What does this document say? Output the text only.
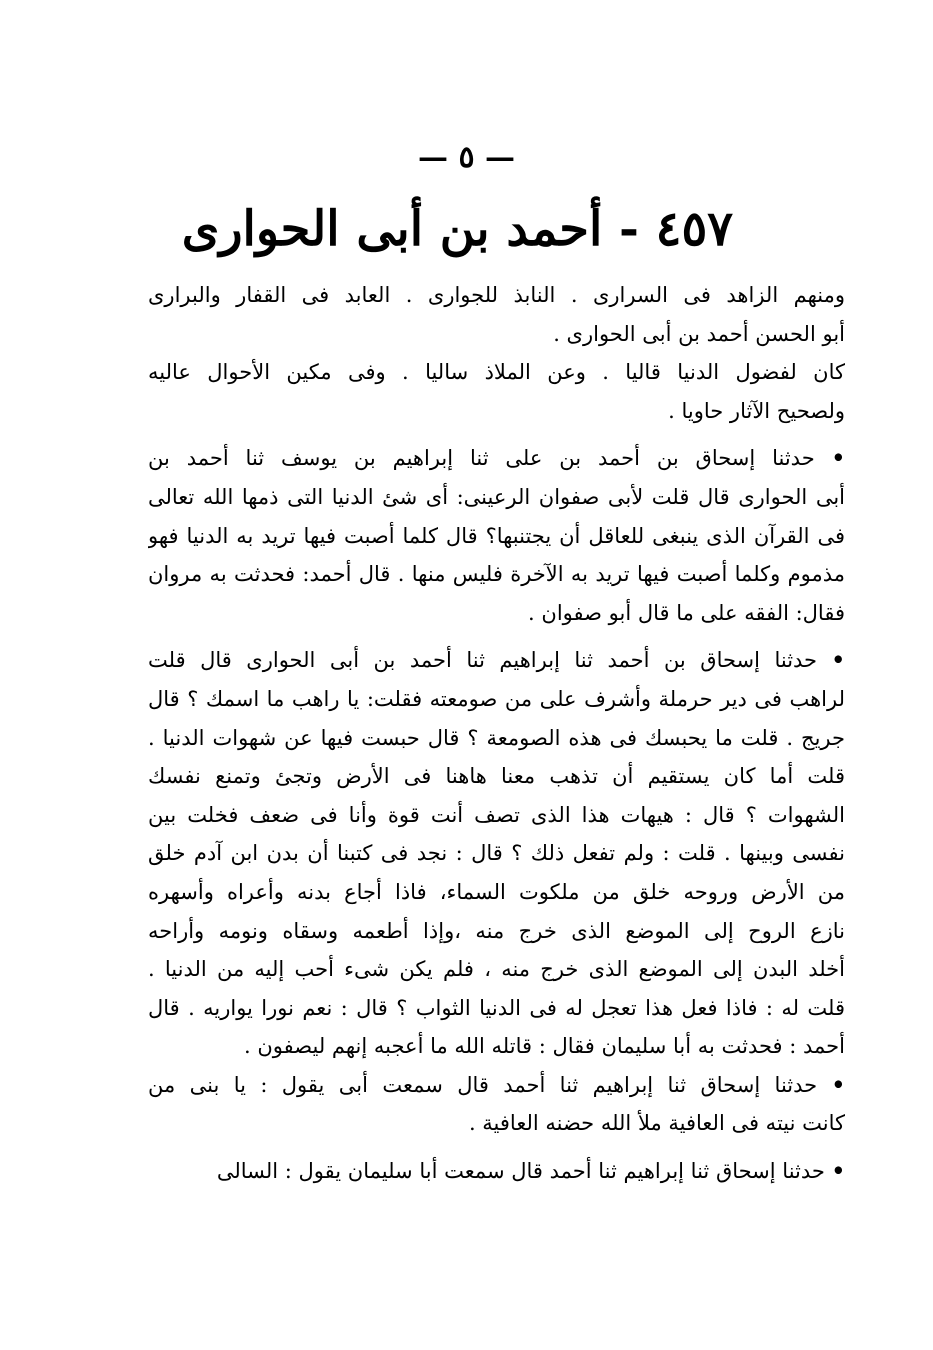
— ٥ —
٤٥٧ - أحمد بن أبى الحوارى
ومنهم الزاهد فى السرارى . النابذ للجوارى . العابد فى القفار والبرارى
أبو الحسن أحمد بن أبى الحوارى .
كان لفضول الدنيا قاليا . وعن الملاذ ساليا . وفى مكين الأحوال عاليه
ولصحيح الآثار حاويا .
• حدثنا إسحاق بن أحمد بن على ثنا إبراهيم بن يوسف ثنا أحمد بن
أبى الحوارى قال قلت لأبى صفوان الرعينى: أى شئ الدنيا التى ذمها الله تعالى
فى القرآن الذى ينبغى للعاقل أن يجتنبها؟ قال كلما أصبت فيها تريد به الدنيا فهو
مذموم وكلما أصبت فيها تريد به الآخرة فليس منها . قال أحمد: فحدثت به مروان
فقال: الفقه على ما قال أبو صفوان .
• حدثنا إسحاق بن أحمد ثنا إبراهيم ثنا أحمد بن أبى الحوارى قال قلت
لراهب فى دير حرملة وأشرف على من صومعته فقلت: يا راهب ما اسمك ؟ قال
جريج . قلت ما يحبسك فى هذه الصومعة ؟ قال حبست فيها عن شهوات الدنيا .
قلت أما كان يستقيم أن تذهب معنا هاهنا فى الأرض وتجئ وتمنع نفسك
الشهوات ؟ قال : هيهات هذا الذى تصف أنت قوة وأنا فى ضعف فخلت بين
نفسى وبينها . قلت : ولم تفعل ذلك ؟ قال : نجد فى كتبنا أن بدن ابن آدم خلق
من الأرض وروحه خلق من ملكوت السماء، فاذا أجاع بدنه وأعراه وأسهره
نازع الروح إلى الموضع الذى خرج منه ،وإذا أطعمه وسقاه ونومه وأراحه
أخلد البدن إلى الموضع الذى خرج منه ، فلم يكن شىء أحب إليه من الدنيا .
قلت له : فاذا فعل هذا تعجل له فى الدنيا الثواب ؟ قال : نعم نورا يواريه . قال
أحمد : فحدثت به أبا سليمان فقال : قاتله الله ما أعجبه إنهم ليصفون .
• حدثنا إسحاق ثنا إبراهيم ثنا أحمد قال سمعت أبى يقول : يا بنى من
كانت نيته فى العافية ملأ الله حضنه العافية .
• حدثنا إسحاق ثنا إبراهيم ثنا أحمد قال سمعت أبا سليمان يقول : السالى
